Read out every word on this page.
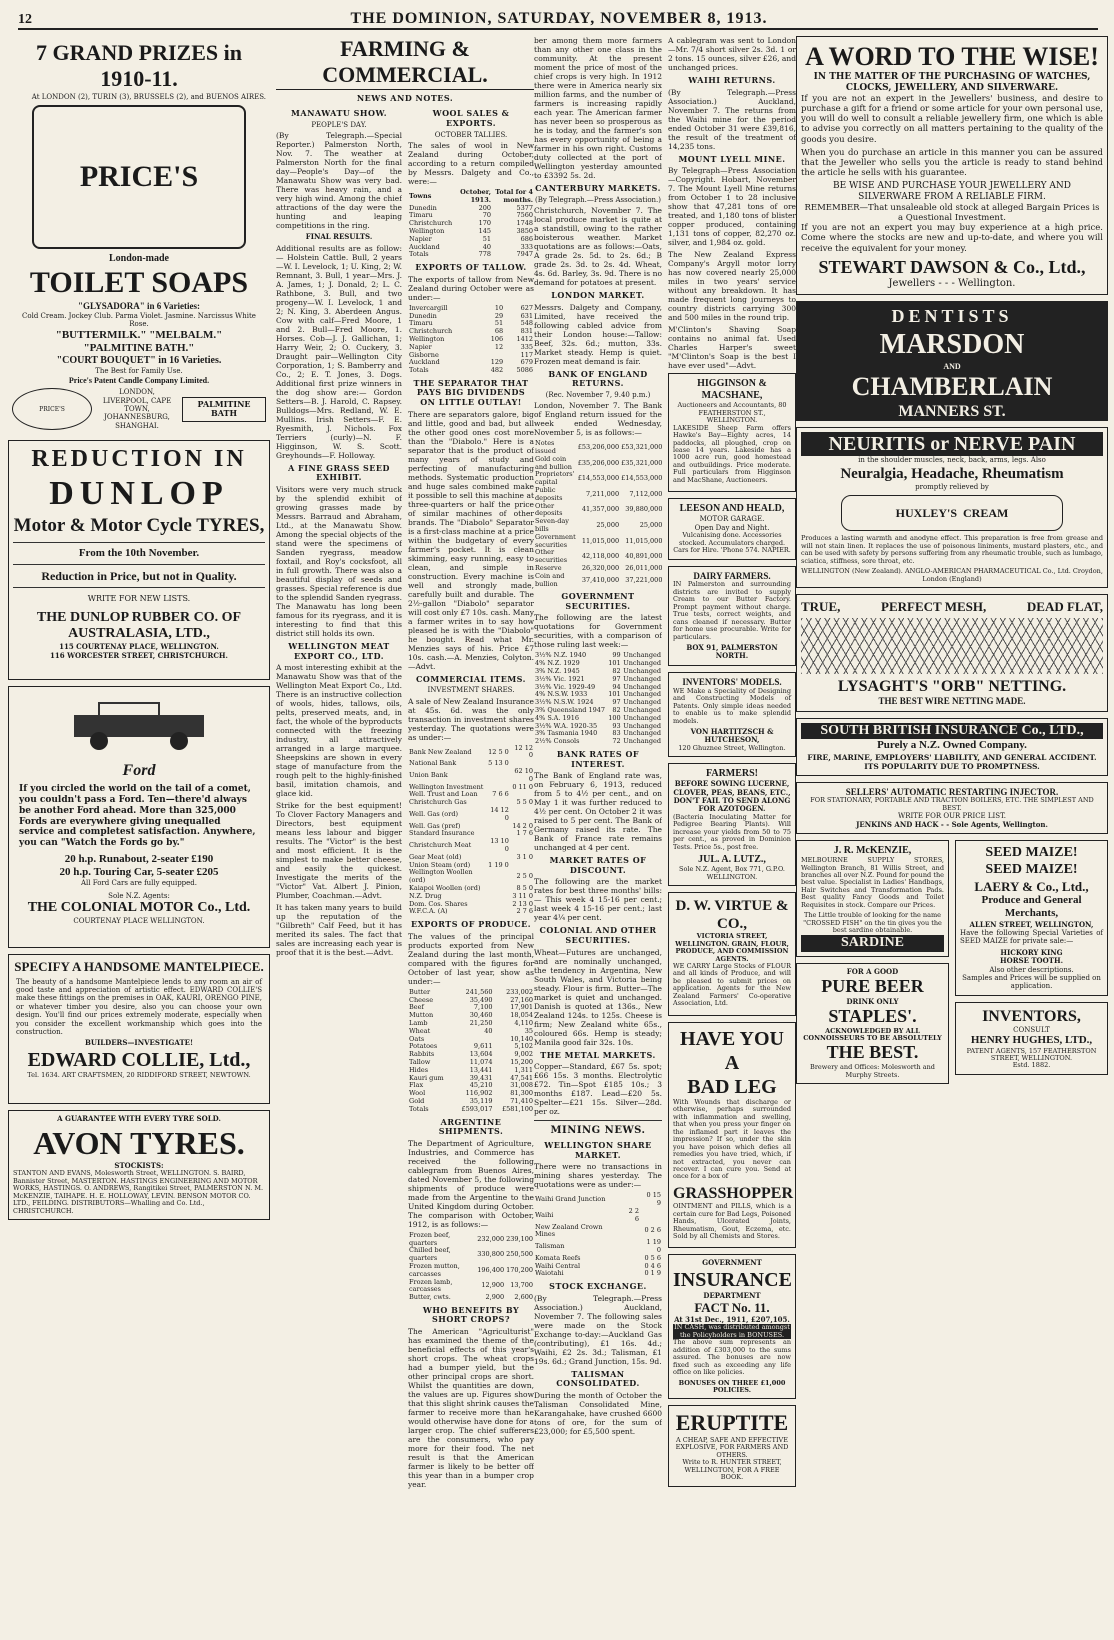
12	THE DOMINION, SATURDAY, NOVEMBER 8, 1913.
7 GRAND PRIZES in 1910-11.
At LONDON (2), TURIN (3), BRUSSELS (2), and BUENOS AIRES.
PRICE'S
London-made
TOILET SOAPS
"GLYSADORA" in 6 Varieties:
Cold Cream. Jockey Club. Parma Violet. Jasmine. Narcissus White Rose.
"BUTTERMILK." "MELBALM."
"PALMITINE BATH."
"COURT BOUQUET" in 16 Varieties.
The Best for Family Use.
Price's Patent Candle Company Limited.
PRICE'S
LONDON, LIVERPOOL, CAPE TOWN, JOHANNESBURG, SHANGHAI.
PALMITINE BATH
REDUCTION IN
DUNLOP
Motor & Motor Cycle TYRES,
From the 10th November.
Reduction in Price, but not in Quality.
WRITE FOR NEW LISTS.
THE DUNLOP RUBBER CO. OF AUSTRALASIA, LTD.,
115 COURTENAY PLACE, WELLINGTON.
116 WORCESTER STREET, CHRISTCHURCH.
Ford
If you circled the world on the tail of a comet, you couldn't pass a Ford. Ten—there'd always be another Ford ahead. More than 325,000 Fords are everywhere giving unequalled service and completest satisfaction. Anywhere, you can "Watch the Fords go by."
20 h.p. Runabout, 2-seater £190
20 h.p. Touring Car, 5-seater £205
All Ford Cars are fully equipped.
Sole N.Z. Agents:
THE COLONIAL MOTOR Co., Ltd.
COURTENAY PLACE WELLINGTON.
SPECIFY A HANDSOME MANTELPIECE.
The beauty of a handsome Mantelpiece lends to any room an air of good taste and appreciation of artistic effect. EDWARD COLLIE'S make these fittings on the premises in OAK, KAURI, ORENGO PINE, or whatever timber you desire, also you can choose your own design. You'll find our prices extremely moderate, especially when you consider the excellent workmanship which goes into the construction.
BUILDERS—INVESTIGATE!
EDWARD COLLIE, Ltd.,
Tel. 1634. ART CRAFTSMEN, 20 RIDDIFORD STREET, NEWTOWN.
A GUARANTEE WITH EVERY TYRE SOLD.
AVON TYRES.
STOCKISTS:
STANTON AND EVANS, Molesworth Street, WELLINGTON. S. BAIRD, Bannister Street, MASTERTON. HASTINGS ENGINEERING AND MOTOR WORKS, HASTINGS. O. ANDREWS, Rangitikei Street, PALMERSTON N. M. McKENZIE, TAIHAPE. H. E. HOLLOWAY, LEVIN. BENSON MOTOR CO. LTD., FEILDING. DISTRIBUTORS—Whalling and Co. Ltd., CHRISTCHURCH.
FARMING & COMMERCIAL.
NEWS AND NOTES.
MANAWATU SHOW.
PEOPLE'S DAY.

(By Telegraph.—Special Reporter.) Palmerston North, Nov. 7. The weather at Palmerston North for the final day—People's Day—of the Manawatu Show was very bad. There was heavy rain, and a very high wind. Among the chief attractions of the day were the hunting and leaping competitions in the ring.

FINAL RESULTS.

Additional results are as follow:— Holstein Cattle. Bull, 2 years—W. I. Levelock, 1; U. King, 2; W. Remnant, 3. Bull, 1 year—Mrs. J. A. James, 1; J. Donald, 2; L. C. Rathbone, 3. Bull, and two progeny—W. I. Levelock, 1 and 2; N. King, 3. Aberdeen Angus. Cow with calf—Fred Moore, 1 and 2. Bull—Fred Moore, 1. Horses. Cob—J. J. Gallichan, 1; Harry Weir, 2; O. Cuckery, 3. Draught pair—Wellington City Corporation, 1; S. Bamberry and Co., 2; E. T. Jones, 3. Dogs. Additional first prize winners in the dog show are:— Gordon Setters—B. J. Harold, C. Rapsey. Bulldogs—Mrs. Redland, W. E. Mullins. Irish Setters—F. E. Ryesmith, J. Nichols. Fox Terriers (curly)—N. F. Higginson, W. S. Scott. Greyhounds—F. Holloway.

A FINE GRASS SEED EXHIBIT.

Visitors were very much struck by the splendid exhibit of growing grasses made by Messrs. Barraud and Abraham, Ltd., at the Manawatu Show. Among the special objects of the stand were the specimens of Sanden ryegrass, meadow foxtail, and Roy's cocksfoot, all in full growth. There was also a beautiful display of seeds and grasses. Special reference is due to the splendid Sanden ryegrass. The Manawatu has long been famous for its ryegrass, and it is interesting to find that this district still holds its own.

WELLINGTON MEAT EXPORT CO., LTD.

A most interesting exhibit at the Manawatu Show was that of the Wellington Meat Export Co., Ltd. There is an instructive collection of wools, hides, tallows, oils, pelts, preserved meats, and, in fact, the whole of the byproducts connected with the freezing industry, all attractively arranged in a large marquee. Sheepskins are shown in every stage of manufacture from the rough pelt to the highly-finished basil, imitation chamois, and glace kid.

Strike for the best equipment! To Clover Factory Managers and Directors, best equipment means less labour and bigger results. The "Victor" is the best and most efficient. It is the simplest to make better cheese, and easily the quickest. Investigate the merits of the "Victor" Vat. Albert J. Pinion, Plumber, Coachman.—Advt.

It has taken many years to build up the reputation of the "Gilbreth" Calf Feed, but it has merited its sales. The fact that sales are increasing each year is proof that it is the best.—Advt.

WOOL SALES & EXPORTS.
OCTOBER TALLIES.

The sales of wool in New Zealand during October, according to a return compiled by Messrs. Dalgety and Co., were:—

Towns	October, 1913.	Total for 4 months.
Dunedin	200	5377
Timaru	70	7560
Christchurch	170	1748
Wellington	145	3850
Napier	51	686
Auckland	40	333
Totals	778	7947
EXPORTS OF TALLOW.

The exports of tallow from New Zealand during October were as under:—

Invercargill	10	627
Dunedin	29	631
Timaru	51	548
Christchurch	68	831
Wellington	106	1412
Napier	12	335
Gisborne		117
Auckland	129	679
Totals	482	5086
THE SEPARATOR THAT PAYS BIG DIVIDENDS ON LITTLE OUTLAY!

There are separators galore, big and little, good and bad, but all the other good ones cost more than the "Diabolo." Here is a separator that is the product of many years of study and perfecting of manufacturing methods. Systematic production and huge sales combined make it possible to sell this machine at three-quarters or half the price of similar machines of other brands. The "Diabolo" Separator is a first-class machine at a price within the budgetary of every farmer's pocket. It is clean skimming, easy running, easy to clean, and simple in construction. Every machine is well and strongly made, carefully built and durable. The 2½-gallon "Diabolo" separator will cost only £7 10s. cash. Many a farmer writes in to say how pleased he is with the "Diabolo" he bought. Read what Mr. Menzies says of his. Price £7 10s. cash.—A. Menzies, Colyton.—Advt.

COMMERCIAL ITEMS.
INVESTMENT SHARES.

A sale of New Zealand Insurance at 45s. 6d. was the only transaction in investment shares yesterday. The quotations were as under:—

Bank New Zealand	12 5 0	12 12 0
National Bank	5 13 0	
Union Bank		62 10 0
Wellington Investment		0 11 0
Well. Trust and Loan	7 6 6	
Christchurch Gas		5 5 0
Well. Gas (ord)	14 12 0	
Well. Gas (pref)		14 2 0
Standard Insurance		1 7 6
Christchurch Meat	13 10 0	
Gear Meat (old)		3 1 0
Union Steam (ord)	1 19 0	
Wellington Woollen (ord)		2 5 0
Kaiapoi Woollen (ord)		8 5 0
N.Z. Drug		3 11 0
Dom. Cos. Shares		2 13 0
W.F.C.A. (A)		2 7 6
EXPORTS OF PRODUCE.

The values of the principal products exported from New Zealand during the last month, compared with the figures for October of last year, show as under:—

Butter	241,560	233,002
Cheese	35,490	27,160
Beef	7,100	17,901
Mutton	30,460	18,054
Lamb	21,250	4,110
Wheat	40	35
Oats		10,140
Potatoes	9,611	5,102
Rabbits	13,604	9,002
Tallow	11,074	15,200
Hides	13,441	1,311
Kauri gum	39,431	47,541
Flax	45,210	31,008
Wool	116,902	81,300
Gold	35,119	71,410
Totals	£593,017	£581,100
ARGENTINE SHIPMENTS.

The Department of Agriculture, Industries, and Commerce has received the following cablegram from Buenos Aires, dated November 5, the following shipments of produce were made from the Argentine to the United Kingdom during October. The comparison with October, 1912, is as follows:—

Frozen beef, quarters	232,000	239,100
Chilled beef, quarters	330,800	250,500
Frozen mutton, carcasses	196,400	170,200
Frozen lamb, carcasses	12,900	13,700
Butter, cwts.	2,900	2,600
WHO BENEFITS BY SHORT CROPS?

The American "Agriculturist" has examined the theme of the beneficial effects of this year's short crops. The wheat crops had a bumper yield, but the other principal crops are short. Whilst the quantities are down, the values are up. Figures show that this slight shrink causes the farmer to receive more than he would otherwise have done for a larger crop. The chief sufferers are the consumers, who pay more for their food. The net result is that the American farmer is likely to be better off this year than in a bumper crop year.

ber among them more farmers than any other one class in the community. At the present moment the price of most of the chief crops is very high. In 1912 there were in America nearly six million farms, and the number of farmers is increasing rapidly each year. The American farmer has never been so prosperous as he is today, and the farmer's son has every opportunity of being a farmer in his own right. Customs duty collected at the port of Wellington yesterday amounted to £3392 5s. 2d.

CANTERBURY MARKETS.
(By Telegraph.—Press Association.)

Christchurch, November 7. The local produce market is quite at a standstill, owing to the rather boisterous weather. Market quotations are as follows:—Oats, A grade 2s. 5d. to 2s. 6d.; B grade 2s. 3d. to 2s. 4d. Wheat, 4s. 6d. Barley, 3s. 9d. There is no demand for potatoes at present.

LONDON MARKET.

Messrs. Dalgety and Company, Limited, have received the following cabled advice from their London house:—Tallow: Beef, 32s. 6d.; mutton, 33s. Market steady. Hemp is quiet. Frozen meat demand is fair.

BANK OF ENGLAND RETURNS.
(Rec. November 7, 9.40 p.m.)

London, November 7. The Bank of England return issued for the week ended Wednesday, November 5, is as follows:—

Notes issued	£53,206,000	£53,321,000
Gold coin and bullion	£35,206,000	£35,321,000
Proprietors' capital	£14,553,000	£14,553,000
Public deposits	7,211,000	7,112,000
Other deposits	41,357,000	39,880,000
Seven-day bills	25,000	25,000
Government securities	11,015,000	11,015,000
Other securities	42,118,000	40,891,000
Reserve	26,320,000	26,011,000
Coin and bullion	37,410,000	37,221,000
GOVERNMENT SECURITIES.

The following are the latest quotations for Government securities, with a comparison of those ruling last week:—

3½% N.Z. 1940	99	Unchanged
4% N.Z. 1929	101	Unchanged
3% N.Z. 1945	82	Unchanged
3½% Vic. 1921	97	Unchanged
3½% Vic. 1929-49	94	Unchanged
4% N.S.W. 1933	101	Unchanged
3½% N.S.W. 1924	97	Unchanged
3% Queensland 1947	82	Unchanged
4% S.A. 1916	100	Unchanged
3½% W.A. 1920-35	93	Unchanged
3% Tasmania 1940	83	Unchanged
2½% Consols	72	Unchanged
BANK RATES OF INTEREST.

The Bank of England rate was, on February 6, 1913, reduced from 5 to 4½ per cent., and on May 1 it was further reduced to 4½ per cent. On October 2 it was raised to 5 per cent. The Bank of Germany raised its rate. The Bank of France rate remains unchanged at 4 per cent.

MARKET RATES OF DISCOUNT.

The following are the market rates for best three months' bills:— This week 4 15-16 per cent.; last week 4 15-16 per cent.; last year 4¼ per cent.

COLONIAL AND OTHER SECURITIES.

Wheat—Futures are unchanged, and are nominally unchanged, the tendency in Argentina, New South Wales, and Victoria being steady. Flour is firm. Butter—The market is quiet and unchanged. Danish is quoted at 136s., New Zealand 124s. to 125s. Cheese is firm; New Zealand white 65s., coloured 66s. Hemp is steady; Manila good fair 32s. 10s.

THE METAL MARKETS.

Copper—Standard, £67 5s. spot; £66 15s. 3 months. Electrolytic £72. Tin—Spot £185 10s.; 3 months £187. Lead—£20 5s. Spelter—£21 15s. Silver—28d. per oz.

MINING NEWS.
WELLINGTON SHARE MARKET.

There were no transactions in mining shares yesterday. The quotations were as under:—

Waihi Grand Junction		0 15 9
Waihi	2 2 6	
New Zealand Crown Mines		0 2 6
Talisman		1 19 0
Komata Reefs		0 5 6
Waihi Central		0 4 6
Waiotahi		0 1 9
STOCK EXCHANGE.

(By Telegraph.—Press Association.) Auckland, November 7. The following sales were made on the Stock Exchange to-day:—Auckland Gas (contributing), £1 16s. 4d.; Waihi, £2 2s. 3d.; Talisman, £1 19s. 6d.; Grand Junction, 15s. 9d.

TALISMAN CONSOLIDATED.

During the month of October the Talisman Consolidated Mine, Karangahake, have crushed 6600 tons of ore, for the sum of £23,000; for £5,500 spent.

A cablegram was sent to London—Mr. 7/4 short silver 2s. 3d. 1 or 2 tons. 15 ounces, silver £26, and unchanged prices.

WAIHI RETURNS.

(By Telegraph.—Press Association.) Auckland, November 7. The returns from the Waihi mine for the period ended October 31 were £39,816, the result of the treatment of 14,235 tons.

MOUNT LYELL MINE.

By Telegraph—Press Association—Copyright. Hobart, November 7. The Mount Lyell Mine returns from October 1 to 28 inclusive show that 47,281 tons of ore treated, and 1,180 tons of blister copper produced, containing 1,131 tons of copper, 82,270 oz. silver, and 1,984 oz. gold.

The New Zealand Express Company's Argyll motor lorry has now covered nearly 25,000 miles in two years' service without any breakdown. It has made frequent long journeys to country districts carrying 300 and 500 miles in the round trip.

M'Clinton's Shaving Soap contains no animal fat. Used Charles Harper's sweet "M'Clinton's Soap is the best I have ever used"—Advt.

HIGGINSON & MACSHANE,
Auctioneers and Accountants, 80 FEATHERSTON ST., WELLINGTON.

LAKESIDE Sheep Farm offers Hawke's Bay—Eighty acres, 14 paddocks, all ploughed, crop on lease 14 years. Lakeside has a 1000 acre run, good homestead and outbuildings. Price moderate. Full particulars from Higginson and MacShane, Auctioneers.

LEESON AND HEALD,
MOTOR GARAGE.
Open Day and Night.
Vulcanising done. Accessories stocked. Accumulators charged. Cars for Hire. 'Phone 574. NAPIER.
DAIRY FARMERS.

IN Palmerston and surrounding districts are invited to supply Cream to our Butter Factory. Prompt payment without charge. True tests, correct weights, and cans cleaned if necessary. Butter for home use procurable. Write for particulars.

BOX 91, PALMERSTON NORTH.
INVENTORS' MODELS.

WE Make a Speciality of Designing and Constructing Models of Patents. Only simple ideas needed to enable us to make splendid models.

VON HARTITZSCH & HUTCHESON,
120 Ghuznee Street, Wellington.
FARMERS!
BEFORE SOWING LUCERNE, CLOVER, PEAS, BEANS, ETC.,
DON'T FAIL TO SEND ALONG FOR AZOTOGEN.

(Bacteria Inoculating Matter for Pedigree Bearing Plants). Will increase your yields from 50 to 75 per cent., as proved in Dominion Tests. Price 5s., post free.

JUL. A. LUTZ.,
Sole N.Z. Agent, Box 771, G.P.O. WELLINGTON.
D. W. VIRTUE & CO.,
VICTORIA STREET, WELLINGTON. GRAIN, FLOUR, PRODUCE, AND COMMISSION AGENTS.

WE CARRY Large Stocks of FLOUR and all kinds of Produce, and will be pleased to submit prices on application. Agents for the New Zealand Farmers' Co-operative Association, Ltd.

HAVE YOU A
BAD LEG

With Wounds that discharge or otherwise, perhaps surrounded with inflammation and swelling, that when you press your finger on the inflamed part it leaves the impression? If so, under the skin you have poison which defies all remedies you have tried, which, if not extracted, you never can recover. I can cure you. Send at once for a box of

GRASSHOPPER

OINTMENT and PILLS, which is a certain cure for Bad Legs, Poisoned Hands, Ulcerated Joints, Rheumatism, Gout, Eczema, etc. Sold by all Chemists and Stores.

GOVERNMENT
INSURANCE
DEPARTMENT
FACT No. 11.
At 31st Dec., 1911, £207,105.
IN CASH, was distributed amongst the Policyholders in BONUSES.

The above sum represents an addition of £303,000 to the sums assured. The bonuses are now fixed such as exceeding any life office on like policies.

BONUSES ON THREE £1,000 POLICIES.
ERUPTITE
A CHEAP, SAFE AND EFFECTIVE EXPLOSIVE, FOR FARMERS AND OTHERS.
Write to R. HUNTER STREET, WELLINGTON, FOR A FREE BOOK.
A WORD TO THE WISE!
IN THE MATTER OF THE PURCHASING OF WATCHES, CLOCKS, JEWELLERY, AND SILVERWARE.

If you are not an expert in the Jewellers' business, and desire to purchase a gift for a friend or some article for your own personal use, you will do well to consult a reliable jewellery firm, one which is able to advise you correctly on all matters pertaining to the quality of the goods you desire.

When you do purchase an article in this manner you can be assured that the Jeweller who sells you the article is ready to stand behind the article he sells with his guarantee.

BE WISE AND PURCHASE YOUR JEWELLERY AND SILVERWARE FROM A RELIABLE FIRM.
REMEMBER—That unsaleable old stock at alleged Bargain Prices is a Questional Investment.

If you are not an expert you may buy experience at a high price. Come where the stocks are new and up-to-date, and where you will receive the equivalent for your money.

STEWART DAWSON & Co., Ltd.,
Jewellers - - - Wellington.
DENTISTS
MARSDON
AND
CHAMBERLAIN
MANNERS ST.
NEURITIS or NERVE PAIN
in the shoulder muscles, neck, back, arms, legs. Also
Neuralgia, Headache, Rheumatism
promptly relieved by
HUXLEY'S CREAM

Produces a lasting warmth and anodyne effect. This preparation is free from grease and will not stain linen. It replaces the use of poisonous liniments, mustard plasters, etc., and can be used with safety by persons suffering from any rheumatic trouble, such as lumbago, sciatica, stiffness, sore throat, etc.

WELLINGTON (New Zealand). ANGLO-AMERICAN PHARMACEUTICAL Co., Ltd. Croydon, London (England)
TRUE,	PERFECT MESH,	DEAD FLAT,
LYSAGHT'S "ORB" NETTING.
THE BEST WIRE NETTING MADE.
SOUTH BRITISH INSURANCE Co., LTD.,
Purely a N.Z. Owned Company.
FIRE, MARINE, EMPLOYERS' LIABILITY, AND GENERAL ACCIDENT. ITS POPULARITY DUE TO PROMPTNESS.
SELLERS' AUTOMATIC RESTARTING INJECTOR.
FOR STATIONARY, PORTABLE AND TRACTION BOILERS, ETC. THE SIMPLEST AND BEST.
WRITE FOR OUR PRICE LIST.
JENKINS AND HACK - - Sole Agents, Wellington.
J. R. McKENZIE,

MELBOURNE SUPPLY STORES, Wellington Branch, 81 Willis Street, and branches all over N.Z. Pound for pound the best value. Specialist in Ladies' Handbags, Hair Switches and Transformation Pads. Best quality Fancy Goods and Toilet Requisites in stock. Compare our Prices.

The Little trouble of looking for the name "CROSSED FISH" on the tin gives you the best sardine obtainable.
SARDINE
FOR A GOOD
PURE BEER
DRINK ONLY
STAPLES'.
ACKNOWLEDGED BY ALL CONNOISSEURS TO BE ABSOLUTELY
THE BEST.
Brewery and Offices: Molesworth and Murphy Streets.
SEED MAIZE!
SEED MAIZE!
LAERY & Co., Ltd.,
Produce and General Merchants,
ALLEN STREET, WELLINGTON,

Have the following Special Varieties of SEED MAIZE for private sale:—

HICKORY KING
HORSE TOOTH.
Also other descriptions.
Samples and Prices will be supplied on application.
INVENTORS,
CONSULT
HENRY HUGHES, LTD.,
PATENT AGENTS, 157 FEATHERSTON STREET, WELLINGTON.
Estd. 1882.
